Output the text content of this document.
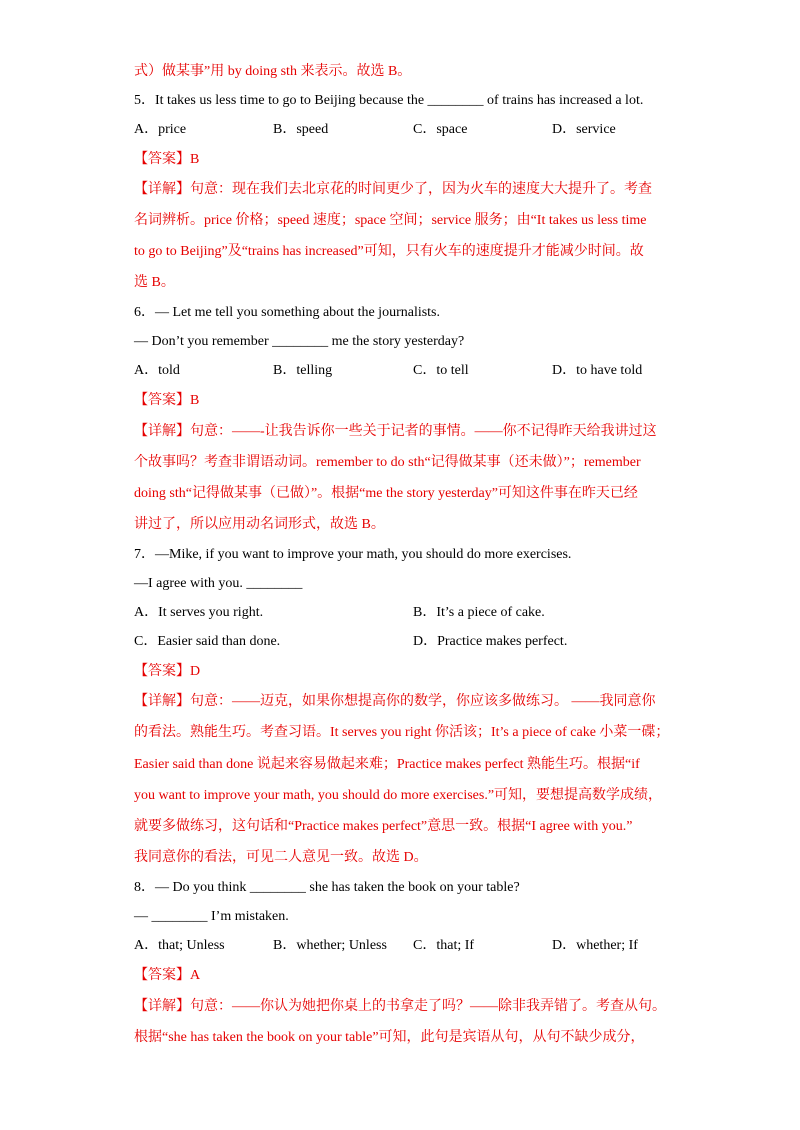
式）做某事”用 by doing sth 来表示。故选 B。
5．It takes us less time to go to Beijing because the ________ of trains has increased a lot.
A．price	B．speed	C．space	D．service
【答案】B
【详解】句意：现在我们去北京花的时间更少了，因为火车的速度大大提升了。考查
名词辨析。price 价格；speed 速度；space 空间；service 服务；由“It takes us less time
to go to Beijing”及“trains has increased”可知，只有火车的速度提升才能减少时间。故
选 B。
6．— Let me tell you something about the journalists.
— Don’t you remember ________ me the story yesterday?
A．told	B．telling	C．to tell	D．to have told
【答案】B
【详解】句意：——-让我告诉你一些关于记者的事情。——你不记得昨天给我讲过这
个故事吗？考查非谓语动词。remember to do sth“记得做某事（还未做）”；remember
doing sth“记得做某事（已做）”。根据“me the story yesterday”可知这件事在昨天已经
讲过了，所以应用动名词形式，故选 B。
7．—Mike, if you want to improve your math, you should do more exercises.
—I agree with you. ________
A．It serves you right.	B．It’s a piece of cake.
C．Easier said than done.	D．Practice makes perfect.
【答案】D
【详解】句意：——迈克，如果你想提高你的数学，你应该多做练习。 ——我同意你
的看法。熟能生巧。考查习语。It serves you right 你活该；It’s a piece of cake 小菜一碟；
Easier said than done 说起来容易做起来难；Practice makes perfect 熟能生巧。根据“if
you want to improve your math, you should do more exercises.”可知，要想提高数学成绩，
就要多做练习，这句话和“Practice makes perfect”意思一致。根据“I agree with you.”
我同意你的看法，可见二人意见一致。故选 D。
8．— Do you think ________ she has taken the book on your table?
— ________ I’m mistaken.
A．that; Unless	B．whether; Unless C．that; If	D．whether; If
【答案】A
【详解】句意：——你认为她把你桌上的书拿走了吗？——除非我弄错了。考查从句。
根据“she has taken the book on your table”可知，此句是宾语从句，从句不缺少成分，
